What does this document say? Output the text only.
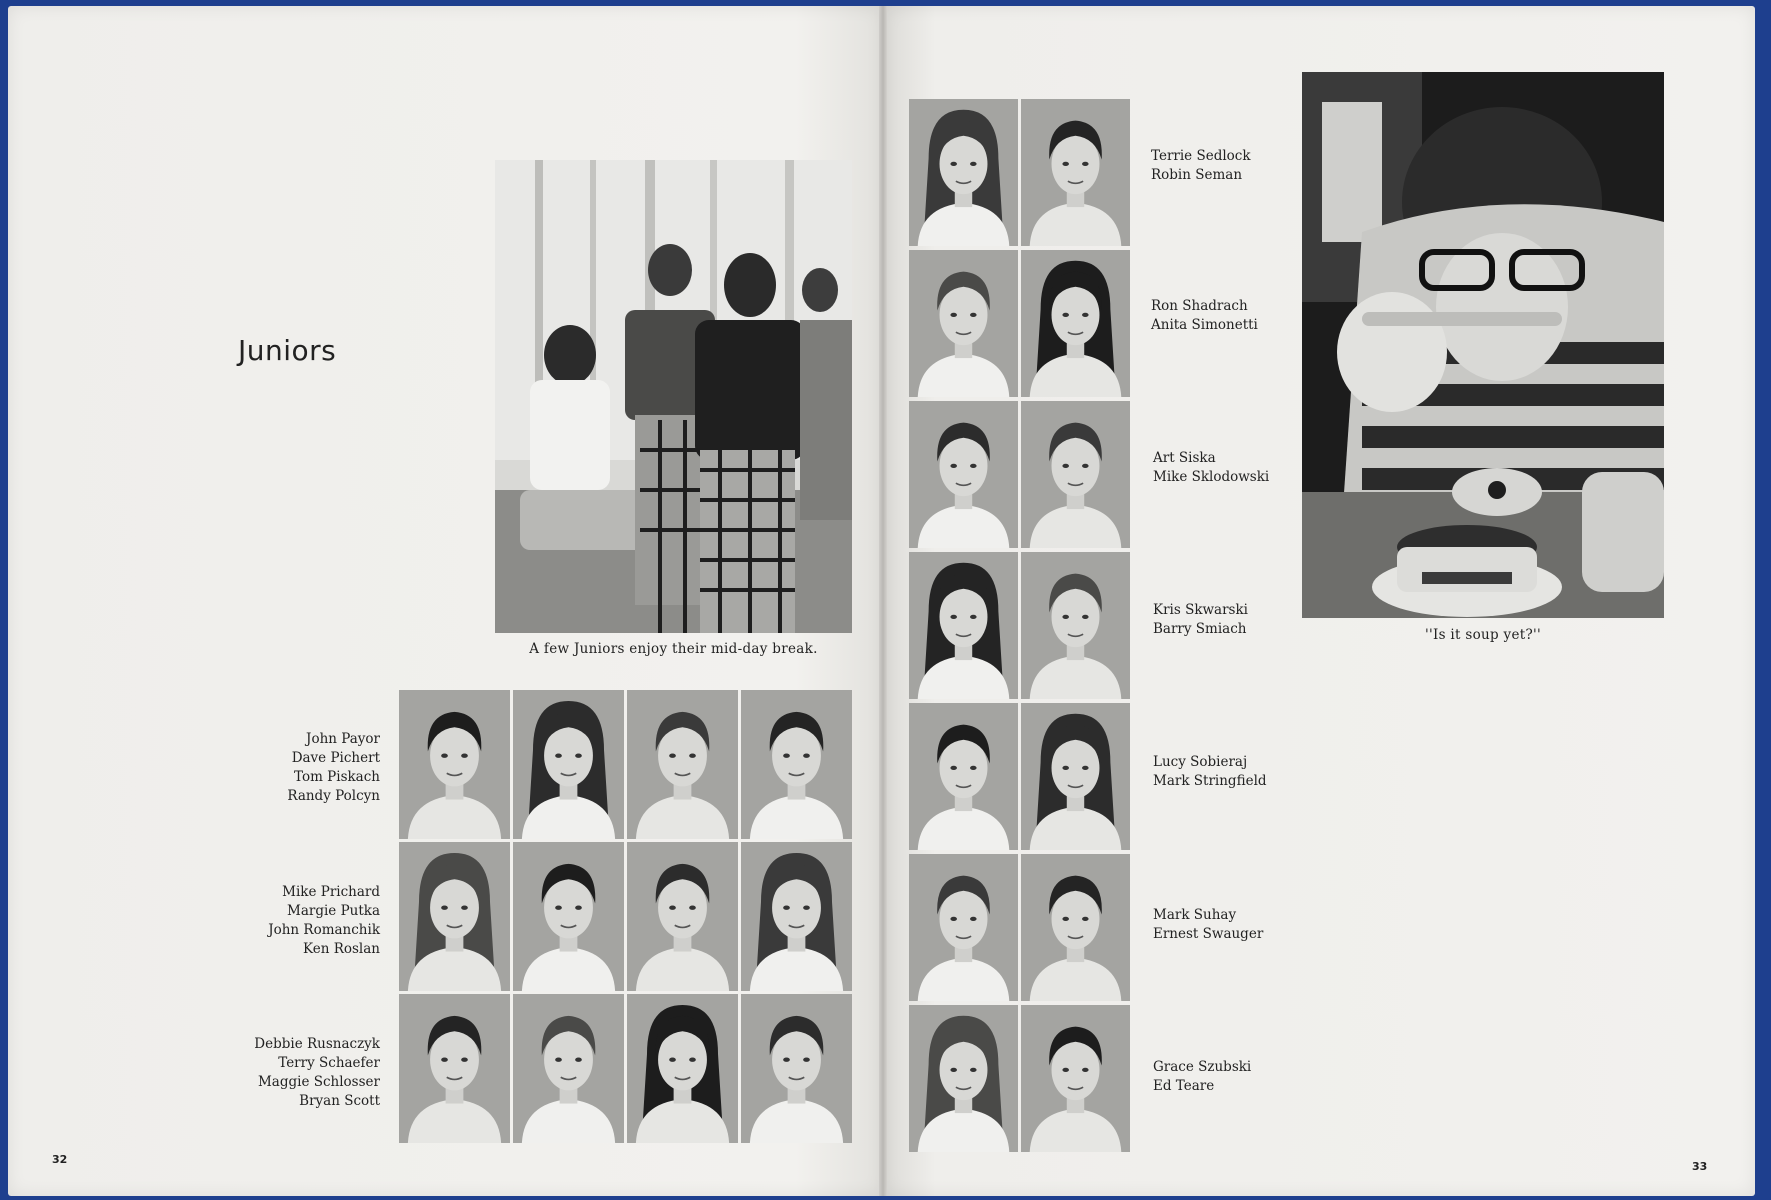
Juniors
A few Juniors enjoy their mid-day break.
John Payor
Dave Pichert
Tom Piskach
Randy Polcyn
Mike Prichard
Margie Putka
John Romanchik
Ken Roslan
Debbie Rusnaczyk
Terry Schaefer
Maggie Schlosser
Bryan Scott
32
Terrie Sedlock
Robin Seman
Ron Shadrach
Anita Simonetti
Art Siska
Mike Sklodowski
Kris Skwarski
Barry Smiach
Lucy Sobieraj
Mark Stringfield
Mark Suhay
Ernest Swauger
Grace Szubski
Ed Teare
''Is it soup yet?''
33
